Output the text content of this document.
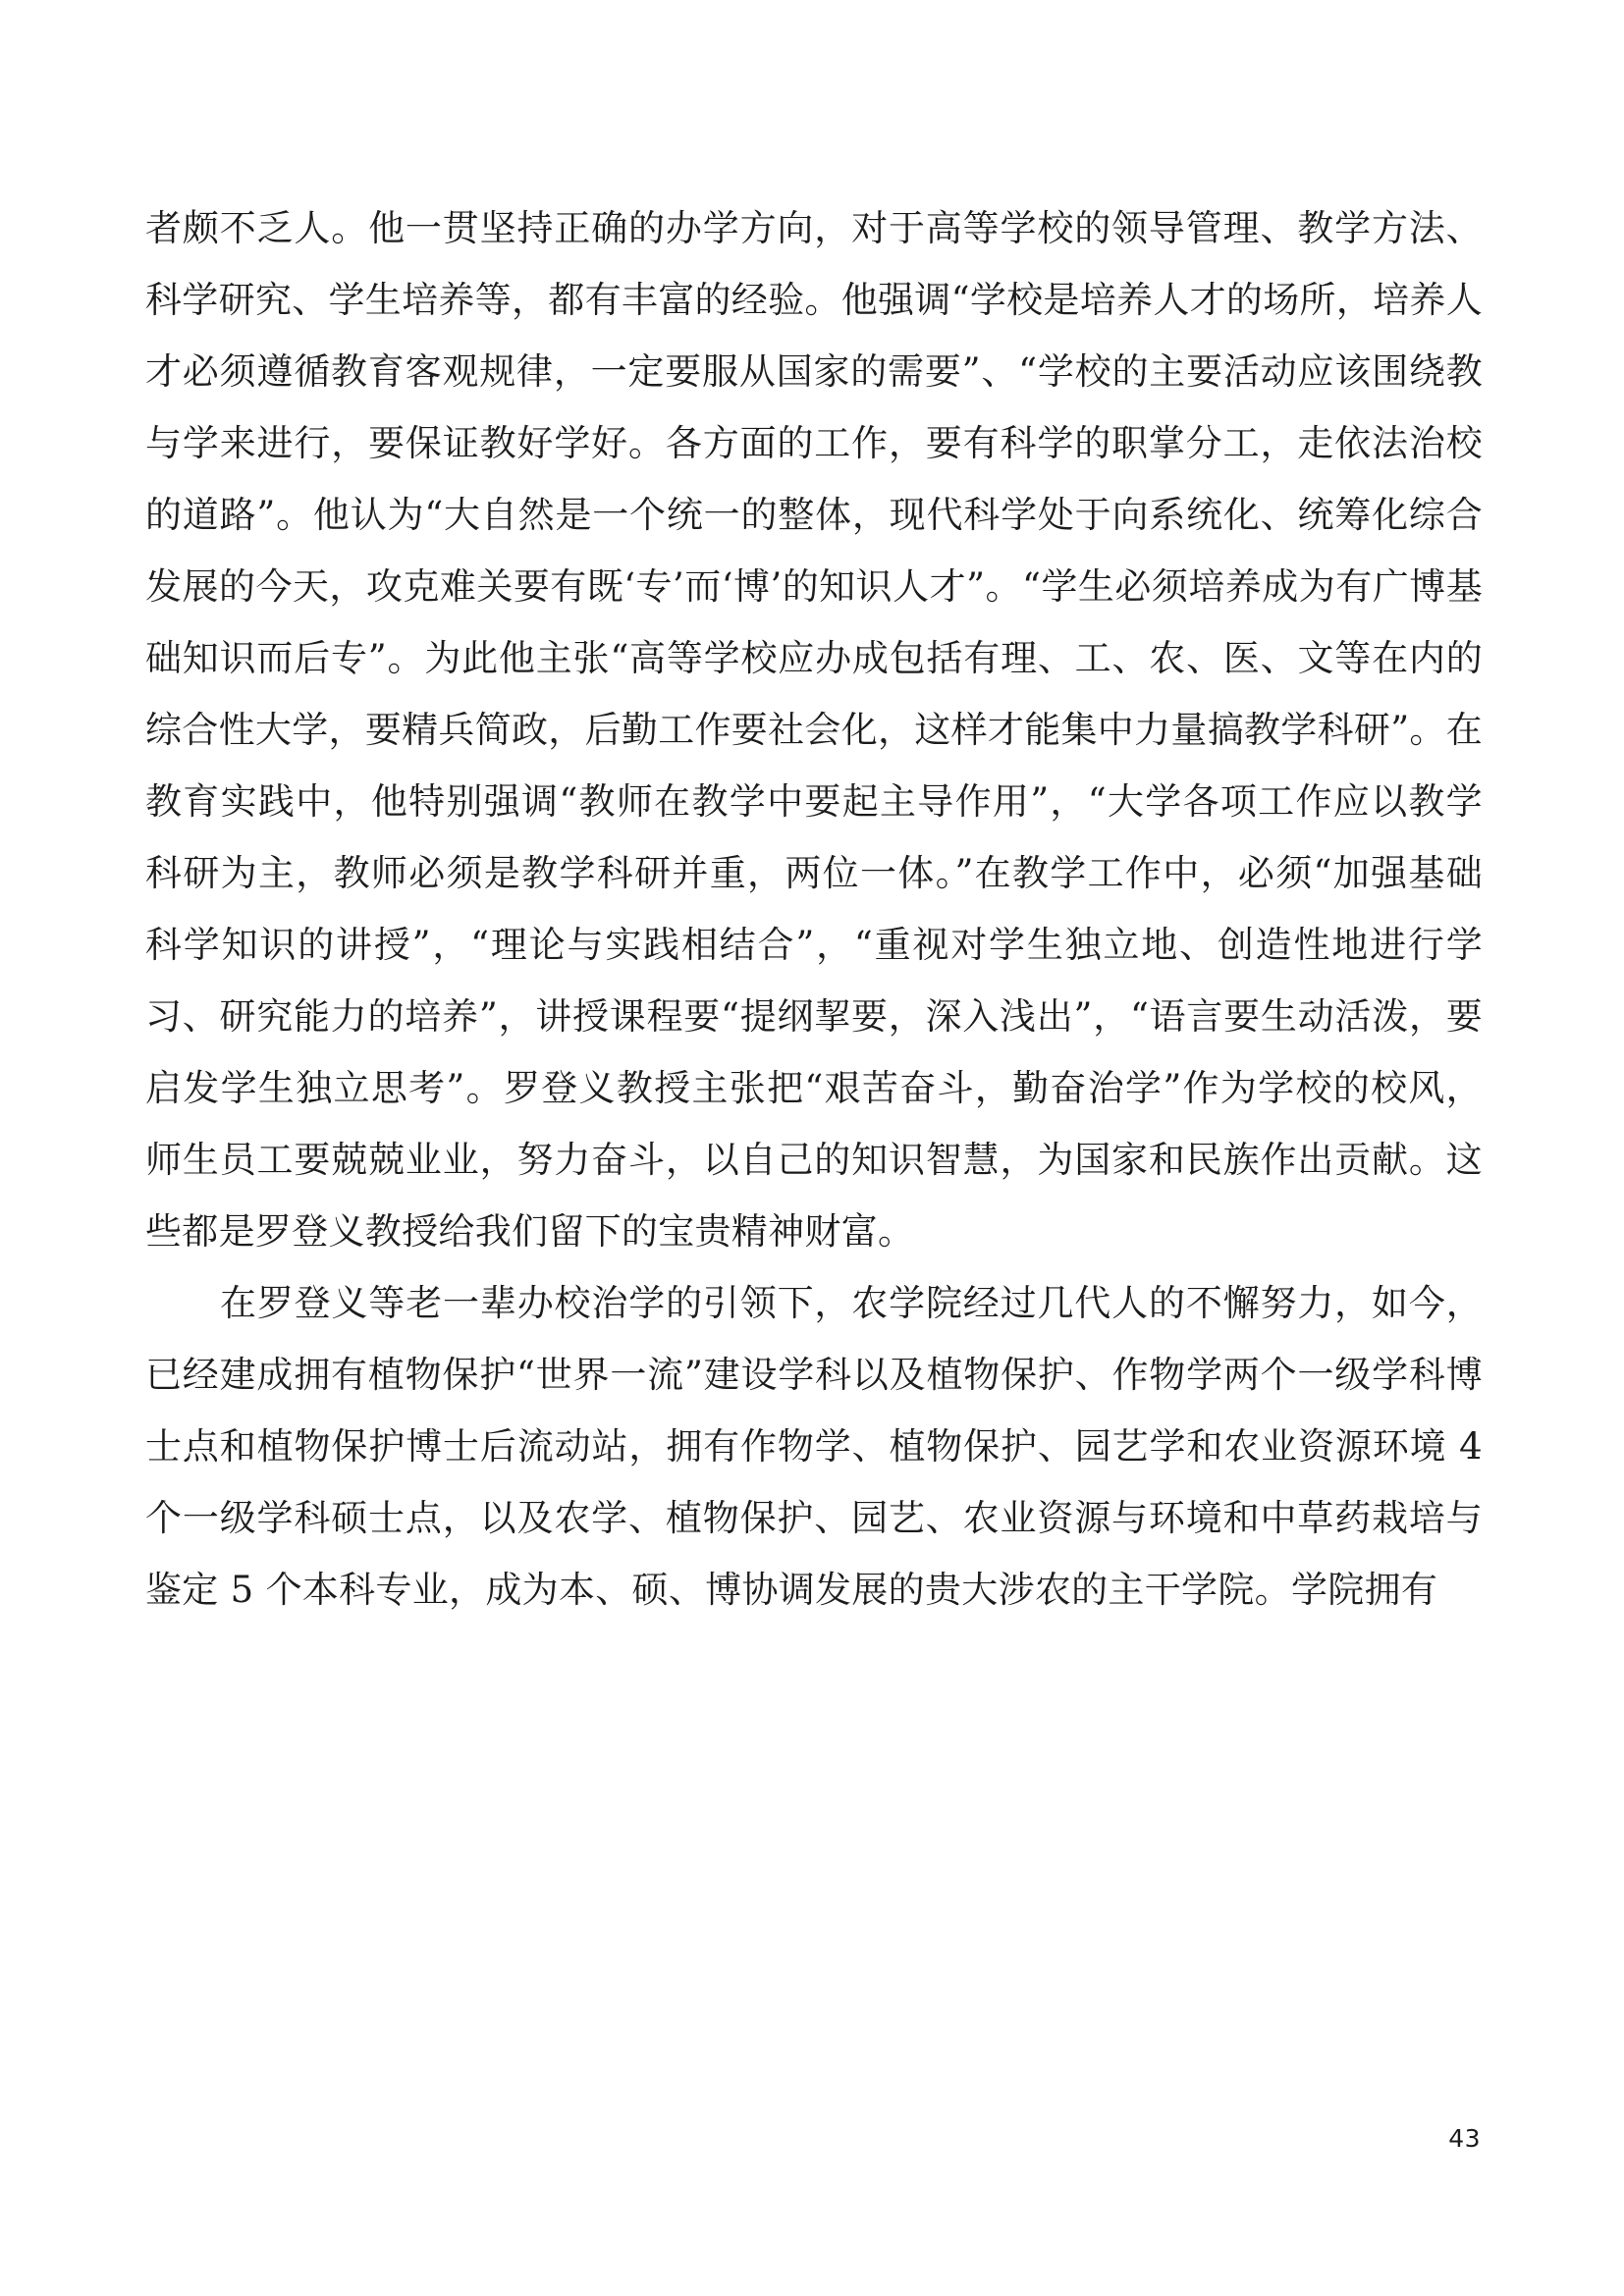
者颇不乏人。他一贯坚持正确的办学方向，对于高等学校的领导管理、教学方法、科学研究、学生培养等，都有丰富的经验。他强调“学校是培养人才的场所，培养人才必须遵循教育客观规律，一定要服从国家的需要”、“学校的主要活动应该围绕教与学来进行，要保证教好学好。各方面的工作，要有科学的职掌分工，走依法治校的道路”。他认为“大自然是一个统一的整体，现代科学处于向系统化、统筹化综合发展的今天，攻克难关要有既‘专’而‘博’的知识人才”。“学生必须培养成为有广博基础知识而后专”。为此他主张“高等学校应办成包括有理、工、农、医、文等在内的综合性大学，要精兵简政，后勤工作要社会化，这样才能集中力量搞教学科研”。在教育实践中，他特别强调“教师在教学中要起主导作用”，“大学各项工作应以教学科研为主，教师必须是教学科研并重，两位一体。”在教学工作中，必须“加强基础科学知识的讲授”，“理论与实践相结合”，“重视对学生独立地、创造性地进行学习、研究能力的培养”，讲授课程要“提纲挈要，深入浅出”，“语言要生动活泼，要启发学生独立思考”。罗登义教授主张把“艰苦奋斗，勤奋治学”作为学校的校风，师生员工要兢兢业业，努力奋斗，以自己的知识智慧，为国家和民族作出贡献。这些都是罗登义教授给我们留下的宝贵精神财富。

在罗登义等老一辈办校治学的引领下，农学院经过几代人的不懈努力，如今，已经建成拥有植物保护“世界一流”建设学科以及植物保护、作物学两个一级学科博士点和植物保护博士后流动站，拥有作物学、植物保护、园艺学和农业资源环境 4 个一级学科硕士点，以及农学、植物保护、园艺、农业资源与环境和中草药栽培与鉴定 5 个本科专业，成为本、硕、博协调发展的贵大涉农的主干学院。学院拥有

43
